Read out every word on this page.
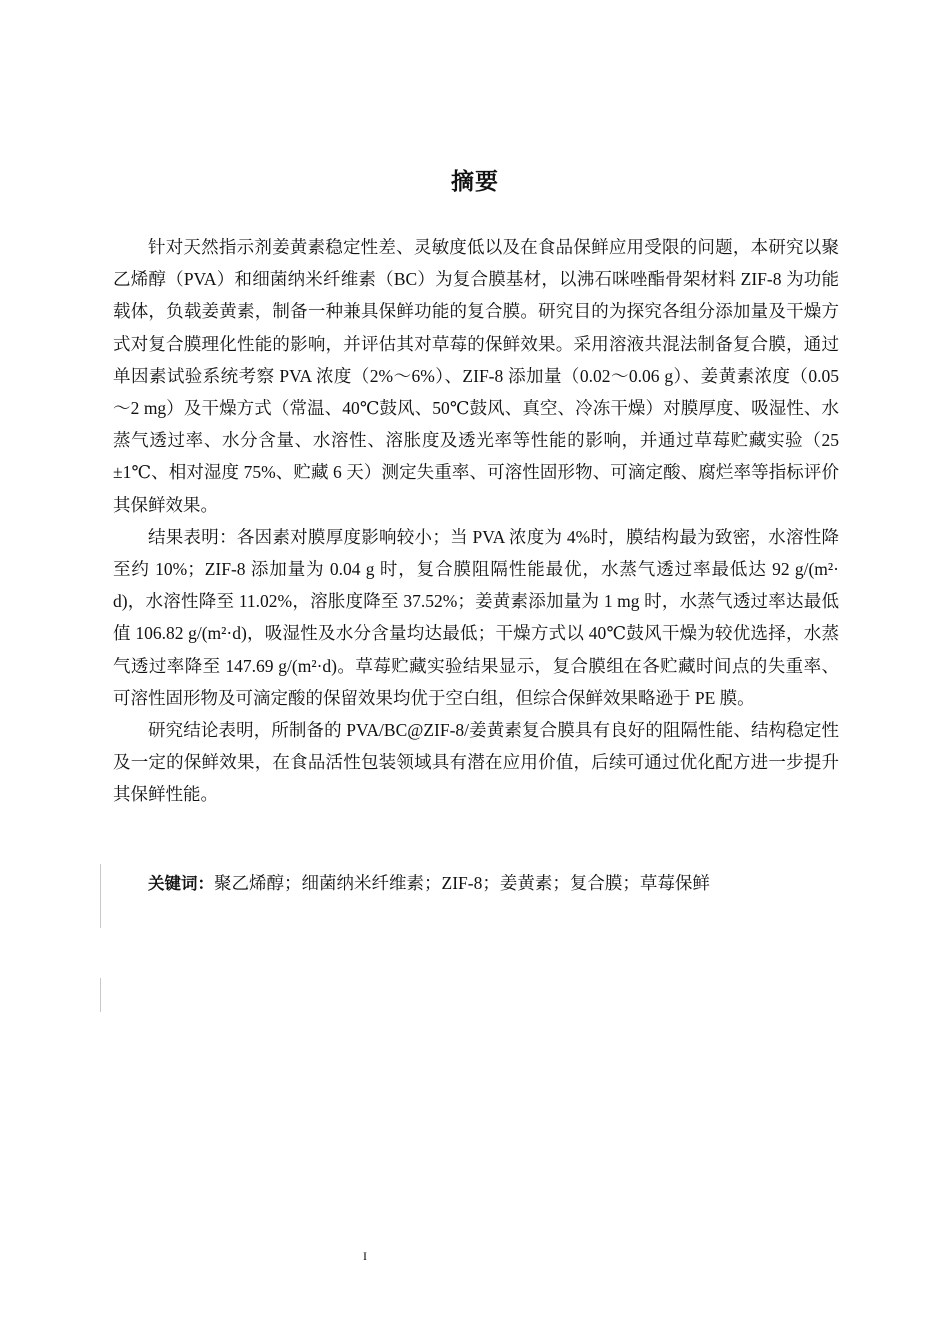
摘要

针对天然指示剂姜黄素稳定性差、灵敏度低以及在食品保鲜应用受限的问题，本研究以聚乙烯醇（PVA）和细菌纳米纤维素（BC）为复合膜基材，以沸石咪唑酯骨架材料 ZIF-8 为功能载体，负载姜黄素，制备一种兼具保鲜功能的复合膜。研究目的为探究各组分添加量及干燥方式对复合膜理化性能的影响，并评估其对草莓的保鲜效果。采用溶液共混法制备复合膜，通过单因素试验系统考察 PVA 浓度（2%～6%）、ZIF-8 添加量（0.02～0.06 g）、姜黄素浓度（0.05～2 mg）及干燥方式（常温、40℃鼓风、50℃鼓风、真空、冷冻干燥）对膜厚度、吸湿性、水蒸气透过率、水分含量、水溶性、溶胀度及透光率等性能的影响，并通过草莓贮藏实验（25±1℃、相对湿度 75%、贮藏 6 天）测定失重率、可溶性固形物、可滴定酸、腐烂率等指标评价其保鲜效果。

结果表明：各因素对膜厚度影响较小；当 PVA 浓度为 4%时，膜结构最为致密，水溶性降至约 10%；ZIF-8 添加量为 0.04 g 时，复合膜阻隔性能最优，水蒸气透过率最低达 92 g/(m²·d)，水溶性降至 11.02%，溶胀度降至 37.52%；姜黄素添加量为 1 mg 时，水蒸气透过率达最低值 106.82 g/(m²·d)，吸湿性及水分含量均达最低；干燥方式以 40℃鼓风干燥为较优选择，水蒸气透过率降至 147.69 g/(m²·d)。草莓贮藏实验结果显示，复合膜组在各贮藏时间点的失重率、可溶性固形物及可滴定酸的保留效果均优于空白组，但综合保鲜效果略逊于 PE 膜。

研究结论表明，所制备的 PVA/BC@ZIF-8/姜黄素复合膜具有良好的阻隔性能、结构稳定性及一定的保鲜效果，在食品活性包装领域具有潜在应用价值，后续可通过优化配方进一步提升其保鲜性能。

关键词：聚乙烯醇；细菌纳米纤维素；ZIF-8；姜黄素；复合膜；草莓保鲜
I
